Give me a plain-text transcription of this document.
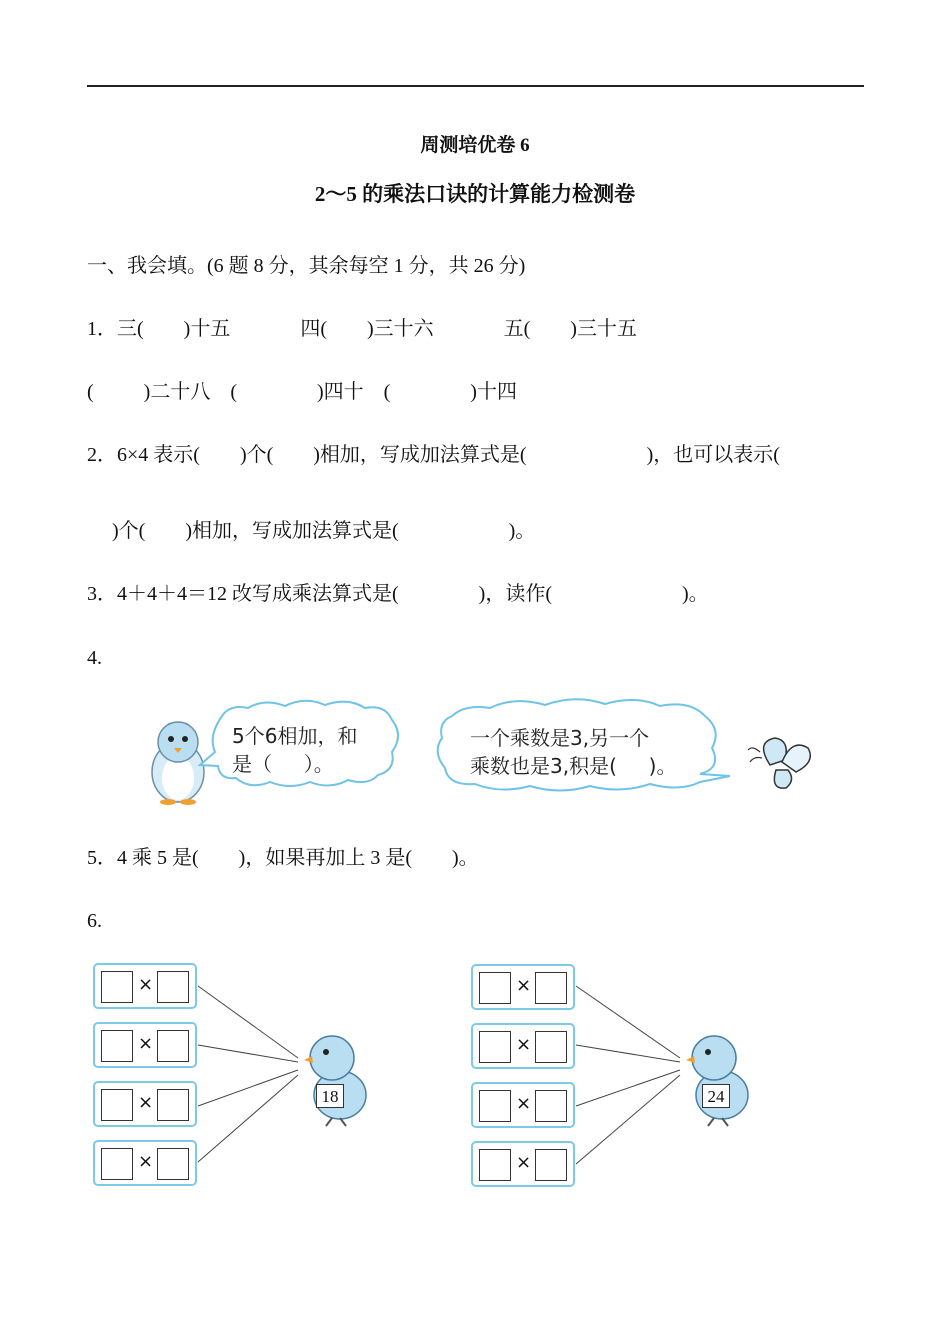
周测培优卷 6
2～5 的乘法口诀的计算能力检测卷
一、我会填。(6 题 8 分，其余每空 1 分，共 26 分)
1．三(        )十五              四(        )三十六              五(        )三十五
(          )二十八    (                )四十    (                )十四
2．6×4 表示(        )个(        )相加，写成加法算式是(                        )，也可以表示(
)个(        )相加，写成加法算式是(                      )。
3．4＋4＋4＝12 改写成乘法算式是(                )，读作(                          )。
4.
5个6相加，和
是（     ）。
一个乘数是3,另一个
乘数也是3,积是(     )。
5．4 乘 5 是(        )，如果再加上 3 是(        )。
6.
18	24
×
×
×
×
×
×
×
×
